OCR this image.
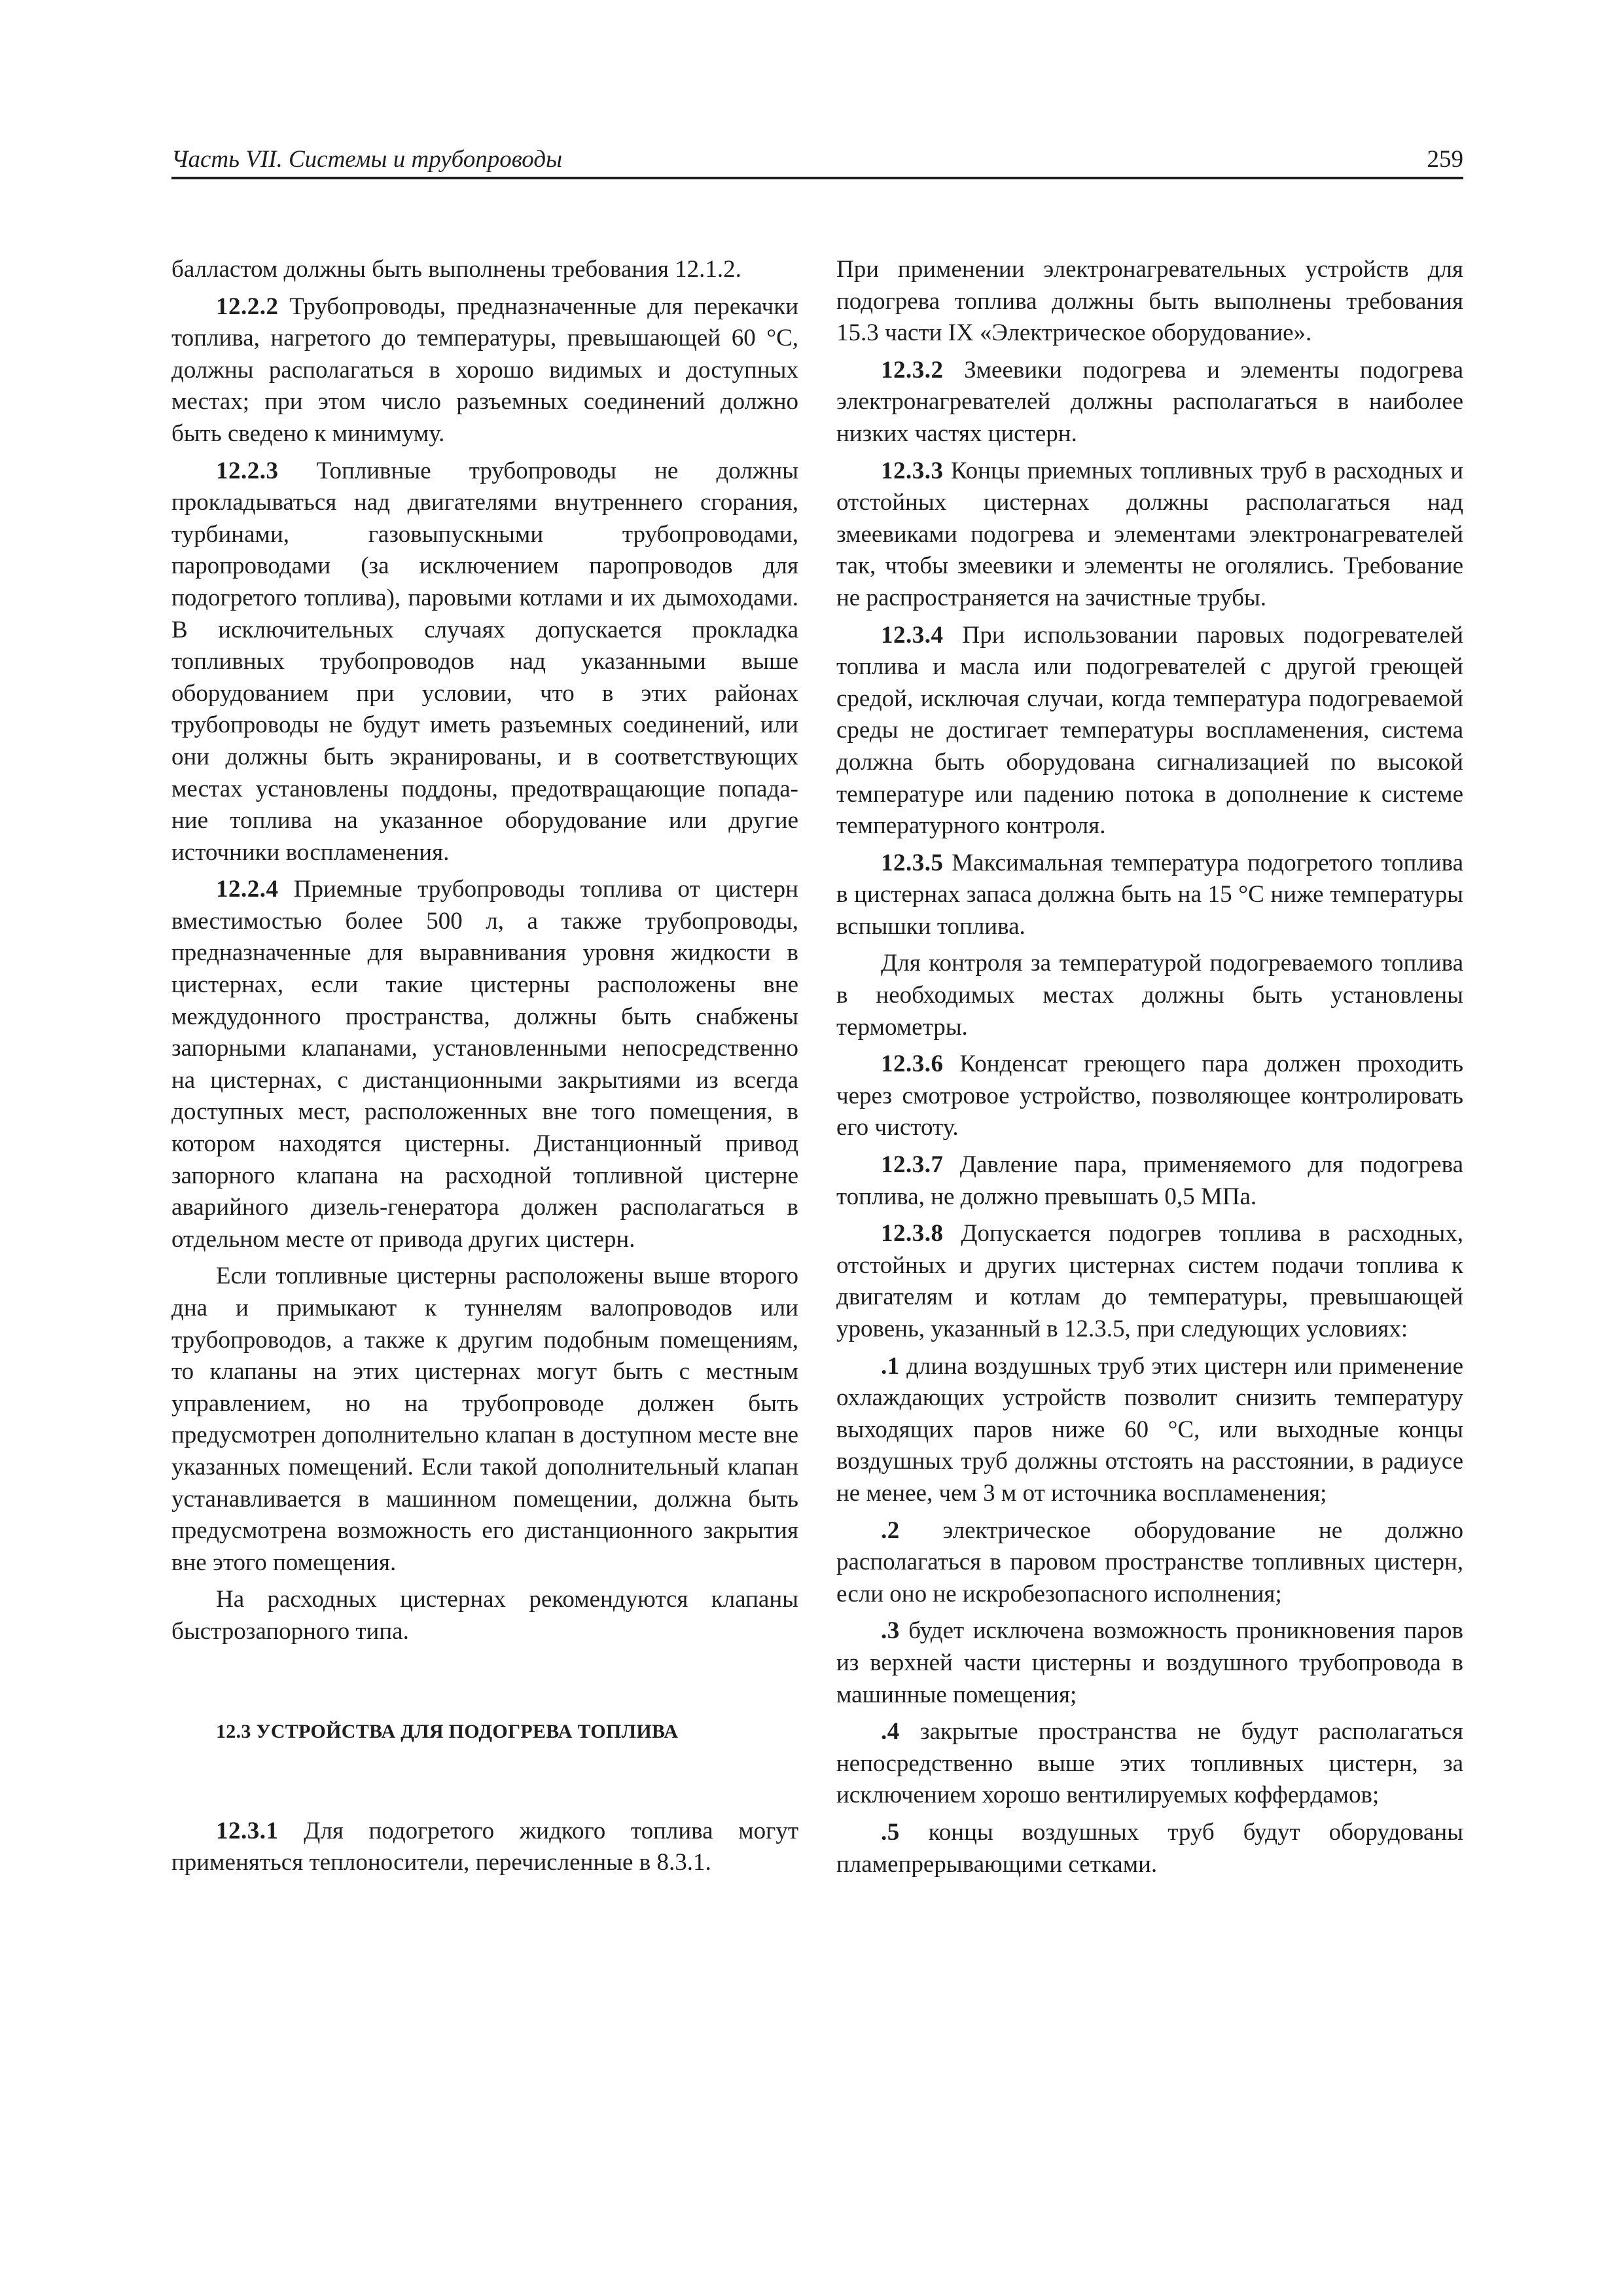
Часть VII. Системы и трубопроводы	259

балластом должны быть выполнены требования 12.1.2.

12.2.2 Трубопроводы, предназначенные для перекачки топлива, нагретого до температуры, превышающей 60 °С, должны располагаться в хорошо видимых и доступных местах; при этом число разъемных соединений должно быть сведено к минимуму.

12.2.3 Топливные трубопроводы не должны прокладываться над двигателями внутреннего сгорания, турбинами, газовыпускными трубопроводами, паропроводами (за исключением паропроводов для подогретого топлива), паровыми котлами и их дымоходами. В исключительных случаях допускается прокладка топливных трубопроводов над указанными выше оборудованием при условии, что в этих районах трубопроводы не будут иметь разъемных соединений, или они должны быть экранированы, и в соответствующих местах установлены поддоны, предотвращающие попадание топлива на указанное оборудование или другие источники воспламенения.

12.2.4 Приемные трубопроводы топлива от цистерн вместимостью более 500 л, а также трубопроводы, предназначенные для выравнивания уровня жидкости в цистернах, если такие цистерны расположены вне междудонного пространства, должны быть снабжены запорными клапанами, установленными непосредственно на цистернах, с дистанционными закрытиями из всегда доступных мест, расположенных вне того помещения, в котором находятся цистерны. Дистанционный привод запорного клапана на расходной топливной цистерне аварийного дизель-генератора должен располагаться в отдельном месте от привода других цистерн.

Если топливные цистерны расположены выше второго дна и примыкают к туннелям валопроводов или трубопроводов, а также к другим подобным помещениям, то клапаны на этих цистернах могут быть с местным управлением, но на трубопроводе должен быть предусмотрен дополнительно клапан в доступном месте вне указанных помещений. Если такой дополнительный клапан устанавливается в машинном помещении, должна быть предусмотрена возможность его дистанционного закрытия вне этого помещения.

На расходных цистернах рекомендуются клапаны быстрозапорного типа.

12.3 УСТРОЙСТВА ДЛЯ ПОДОГРЕВА ТОПЛИВА

12.3.1 Для подогретого жидкого топлива могут применяться теплоносители, перечисленные в 8.3.1.

При применении электронагревательных устройств для подогрева топлива должны быть выполнены требования 15.3 части IX «Электрическое оборудование».

12.3.2 Змеевики подогрева и элементы подогрева электронагревателей должны располагаться в наиболее низких частях цистерн.

12.3.3 Концы приемных топливных труб в расходных и отстойных цистернах должны располагаться над змеевиками подогрева и элементами электронагревателей так, чтобы змеевики и элементы не оголялись. Требование не распространяется на зачистные трубы.

12.3.4 При использовании паровых подогревателей топлива и масла или подогревателей с другой греющей средой, исключая случаи, когда температура подогреваемой среды не достигает температуры воспламенения, система должна быть оборудована сигнализацией по высокой температуре или падению потока в дополнение к системе температурного контроля.

12.3.5 Максимальная температура подогретого топлива в цистернах запаса должна быть на 15 °С ниже температуры вспышки топлива.

Для контроля за температурой подогреваемого топлива в необходимых местах должны быть установлены термометры.

12.3.6 Конденсат греющего пара должен проходить через смотровое устройство, позволяющее контролировать его чистоту.

12.3.7 Давление пара, применяемого для подогрева топлива, не должно превышать 0,5 МПа.

12.3.8 Допускается подогрев топлива в расходных, отстойных и других цистернах систем подачи топлива к двигателям и котлам до температуры, превышающей уровень, указанный в 12.3.5, при следующих условиях:

.1 длина воздушных труб этих цистерн или применение охлаждающих устройств позволит снизить температуру выходящих паров ниже 60 °С, или выходные концы воздушных труб должны отстоять на расстоянии, в радиусе не менее, чем 3 м от источника воспламенения;

.2 электрическое оборудование не должно располагаться в паровом пространстве топливных цистерн, если оно не искробезопасного исполнения;

.3 будет исключена возможность проникновения паров из верхней части цистерны и воздушного трубопровода в машинные помещения;

.4 закрытые пространства не будут располагаться непосредственно выше этих топливных цистерн, за исключением хорошо вентилируемых коффердамов;

.5 концы воздушных труб будут оборудованы пламепрерывающими сетками.
